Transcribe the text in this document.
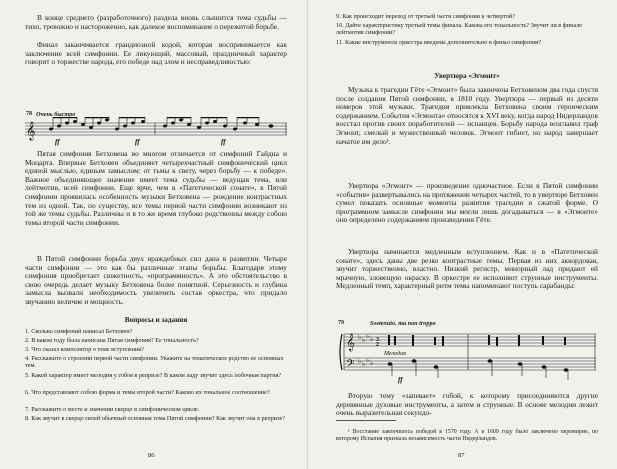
В конце среднего (разработочного) раздела вновь слышится тема судьбы — тихо, тревожно и настороженно, как далекое воспоминание о пережитой борьбе.

Финал заканчивается грандиозной кодой, которая воспринимается как заключение всей симфонии. Ее ликующий, массовый, праздничный характер говорит о торжестве народа, его победе над злом и несправедливостью:

78 Очень быстро
𝄞
ff	ff	ff

Пятая симфония Бетховена во многом отличается от симфоний Гайдна и Моцарта. Впервые Бетховен объединяет четырехчастный симфонический цикл единой мыслью, единым замыслом: от тьмы к свету, через борьбу — к победе». Важное объединяющее значение имеет тема судьбы — ведущая тема, или лейтмотив, всей симфонии. Еще ярче, чем в «Патетической сонате», в Пятой симфонии проявилась особенность музыки Бетховена — рождение контрастных тем из одной. Так, по существу, все темы первой части симфонии возникают из той же темы судьбы. Различны и в то же время глубоко родственны между собою темы второй части симфонии.

В Пятой симфонии борьба двух враждебных сил дана в развитии. Четыре части симфонии — это как бы различные этапы борьбы. Благодаря этому симфония приобретает сюжетность, «программность». А это обстоятельство в свою очередь делает музыку Бетховена более понятной. Серьезность и глубина замысла вызвали необходимость увеличить состав оркестра, что придало звучанию величие и мощность.

Вопросы и задания

1. Сколько симфоний написал Бетховен?

2. В каком году была написана Пятая симфония? Ее тональность?

3. Что сказал композитор о теме вступления?

4. Расскажите о строении первой части симфонии. Укажите на тематическое родство ее основных тем.

5. Какой характер имеет мелодия у гобоя в репризе? В каком ладу звучит здесь побочная партия?

6. Что представляют собою форма и темы второй части? Каково их тональное соотношение?

7. Расскажите о месте и значении скерцо в симфоническом цикле.

8. Как звучит в скерцо своей обычный основная тема Пятой симфонии? Как звучит она в репризе?

86

9. Как происходит переход от третьей части симфонии к четвертой?

10. Дайте характеристику третьей темы финала. Какова его тональность? Звучит ли в финале лейтмотив симфонии?

11. Какие инструменты оркестра введены дополнительно в финал симфонии?

Увертюра «Эгмонт»

Музыка к трагедии Гёте «Эгмонт» была закончена Бетховеном два года спустя после создания Пятой симфонии, в 1810 году. Увертюра — первый из десяти номеров этой музыки. Трагедия привлекла Бетховена своим героическим содержанием. События «Эгмонта» относятся к XVI веку, когда народ Нидерландов восстал против своих поработителей — испанцев. Борьбу народа возглавил граф Эгмонт, смелый и мужественный человек. Эгмонт гибнет, но народ завершает начатое им дело¹.

Увертюра «Эгмонт» — произведение одночастное. Если в Пятой симфонии «события» развертывались на протяжении четырех частей, то в увертюре Бетховен сумел показать основные моменты развития трагедии в сжатой форме. О программном замысле симфонии мы могли лишь догадываться — в «Эгмонте» оно определено содержанием произведения Гёте.

Увертюра начинается медленным вступлением. Как и в «Патетической сонате», здесь даны две резко контрастные темы. Первая из них аккордовая, звучит торжественно, властно. Низкий регистр, минорный лад придают ей мрачную, зловещую окраску. В оркестре ее исполняют струнные инструменты. Медленный темп, характерный ритм темы напоминают поступь сарабанды:

79	Sostenuto, ma non troppo
𝄞
𝄢
♭ ♭ ♭ ♭
♭ ♭ ♭ ♭
3
2
Мелодия
ff

Вторую тему «запевает» гобой, к которому присоединяются другие деревянные духовые инструменты, а затем и струнные. В основе мелодии лежит очень выразительная секундо-

¹ Восстание закончилось победой в 1570 году. А в 1609 году было заключено перемирие, по которому Испания признала независимость части Нидерландов.

87
